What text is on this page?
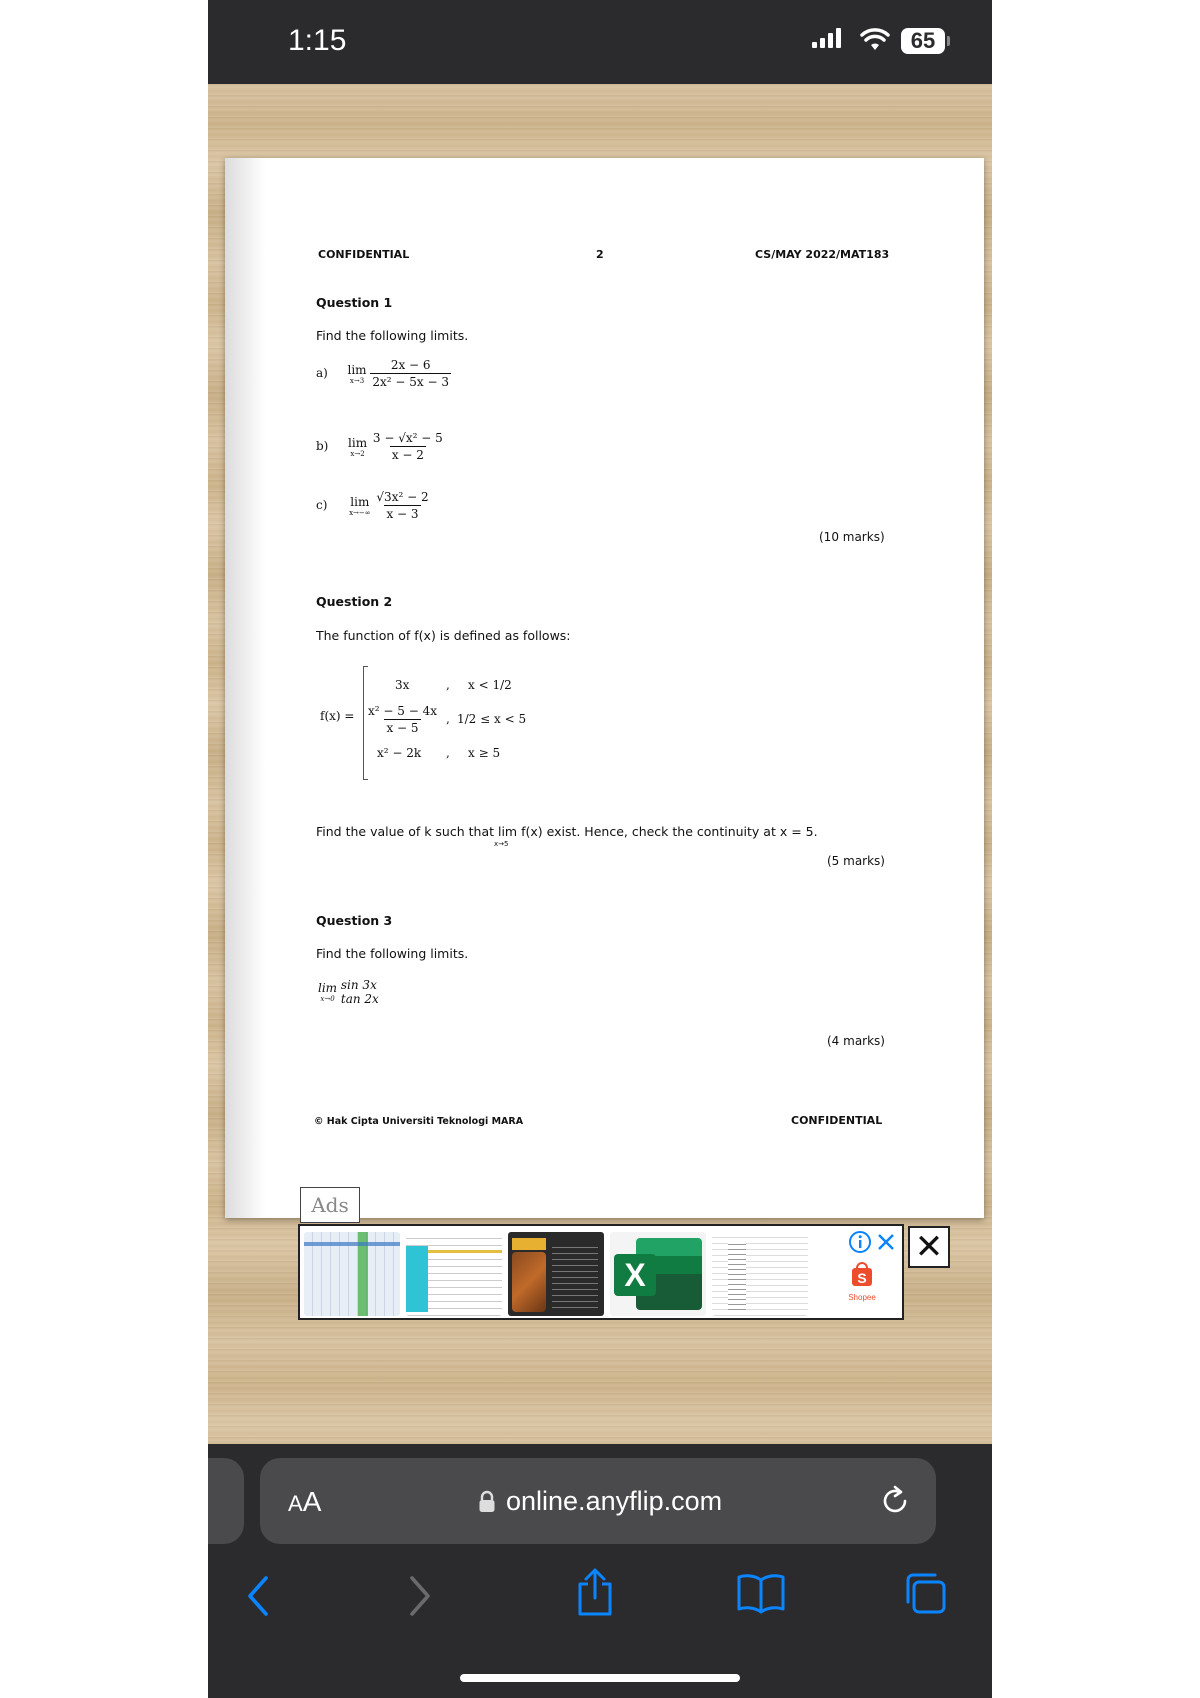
1:15	65
CONFIDENTIAL	2	CS/MAY 2022/MAT183
Question 1
Find the following limits.
a) lim
x→3
$\frac{2x - 6}{\text{2x² − 5x − 3}}$
b) lim
x→2
$\frac{\text{3 − √x² − 5}}{x - 2}$
c) lim
x→−∞
$\frac{\text{√3x² − 2}}{x - 3}$
(10 marks)
Question 2
The function of f(x) is defined as follows:
f(x) =
3x	, x < 1/2
$\frac{\text{x² − 5 − 4x}}{x - 5}$ , 1/2 ≤ x < 5
x² − 2k , x ≥ 5
Find the value of k such that lim f(x) exist. Hence, check the continuity at x = 5.
x→5
(5 marks)
Question 3
Find the following limits.
lim
x→0

sin 3x
tan 2x
(4 marks)
© Hak Cipta Universiti Teknologi MARA	CONFIDENTIAL
Ads
X	S
Shopee
✕
AA	online.anyflip.com
